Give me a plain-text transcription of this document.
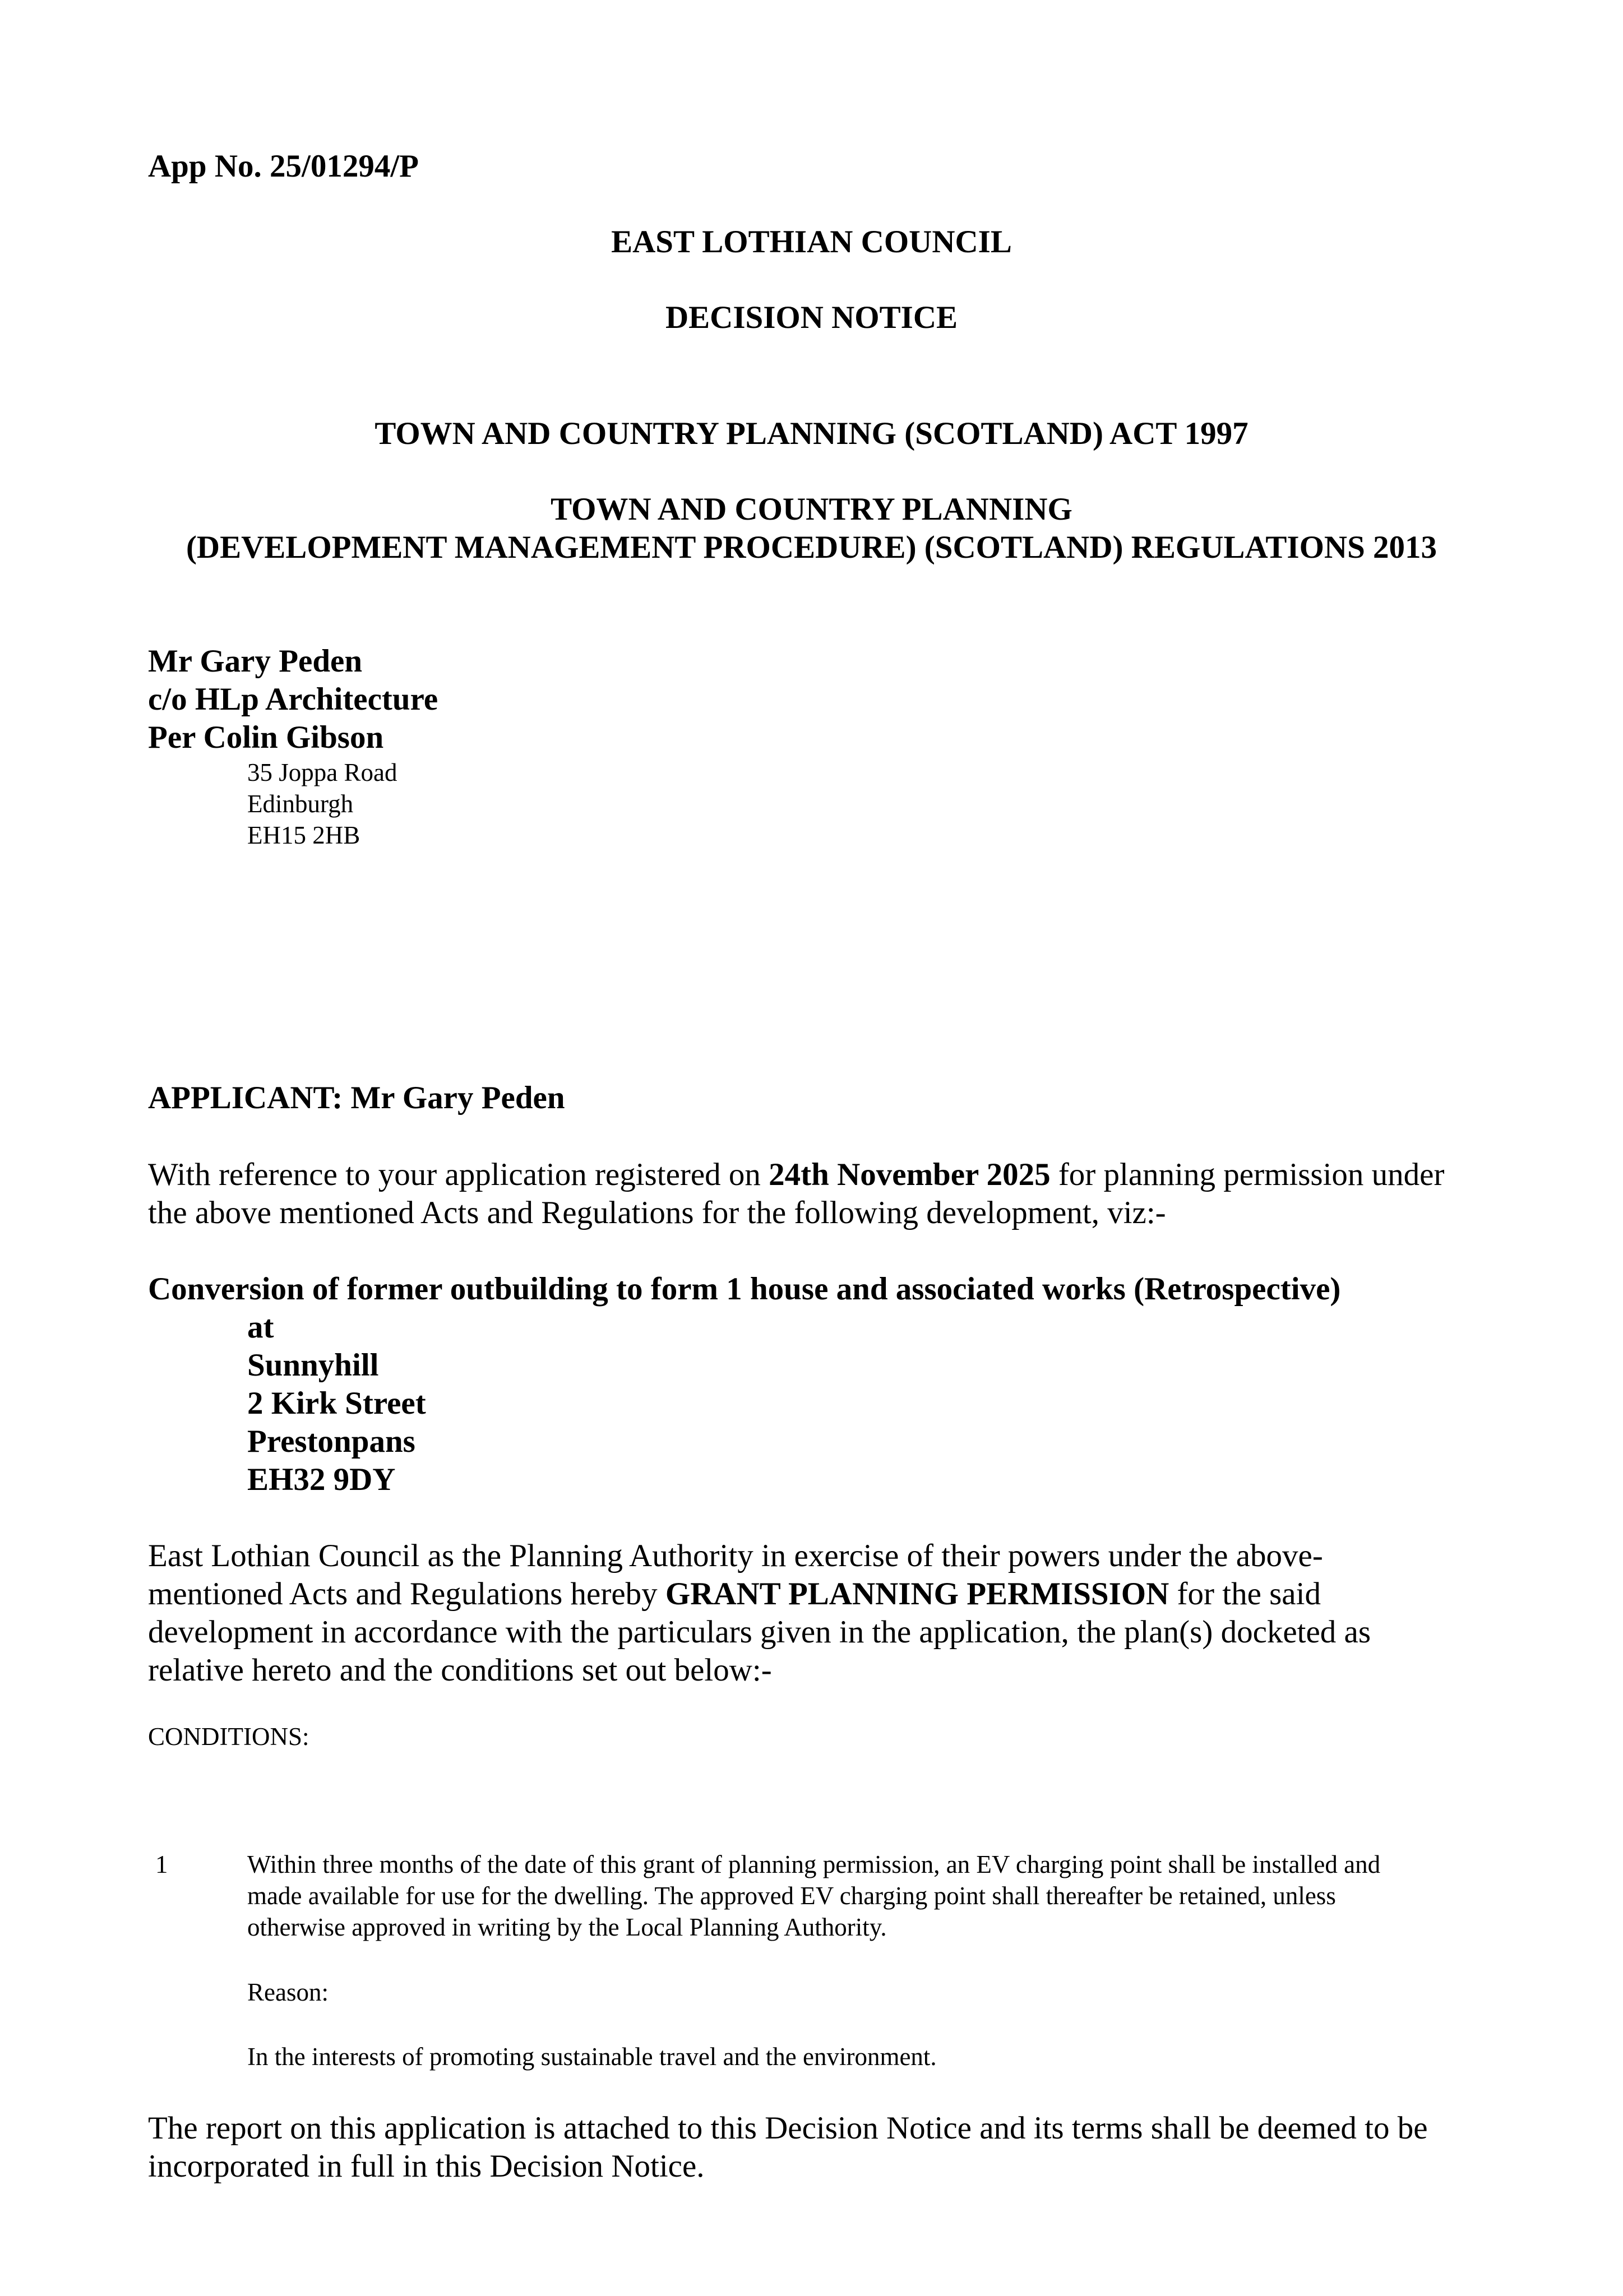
App No. 25/01294/P
EAST LOTHIAN COUNCIL
DECISION NOTICE
TOWN AND COUNTRY PLANNING (SCOTLAND) ACT 1997
TOWN AND COUNTRY PLANNING
(DEVELOPMENT MANAGEMENT PROCEDURE) (SCOTLAND) REGULATIONS 2013
Mr Gary Peden
c/o HLp Architecture
Per Colin Gibson
35 Joppa Road
Edinburgh
EH15 2HB
APPLICANT: Mr Gary Peden
With reference to your application registered on 24th November 2025 for planning permission under
the above mentioned Acts and Regulations for the following development, viz:-
Conversion of former outbuilding to form 1 house and associated works (Retrospective)
at
Sunnyhill
2 Kirk Street
Prestonpans
EH32 9DY
East Lothian Council as the Planning Authority in exercise of their powers under the above-
mentioned Acts and Regulations hereby GRANT PLANNING PERMISSION for the said
development in accordance with the particulars given in the application, the plan(s) docketed as
relative hereto and the conditions set out below:-
CONDITIONS:
1	Within three months of the date of this grant of planning permission, an EV charging point shall be installed and
made available for use for the dwelling. The approved EV charging point shall thereafter be retained, unless
otherwise approved in writing by the Local Planning Authority.
Reason:
In the interests of promoting sustainable travel and the environment.
The report on this application is attached to this Decision Notice and its terms shall be deemed to be
incorporated in full in this Decision Notice.
